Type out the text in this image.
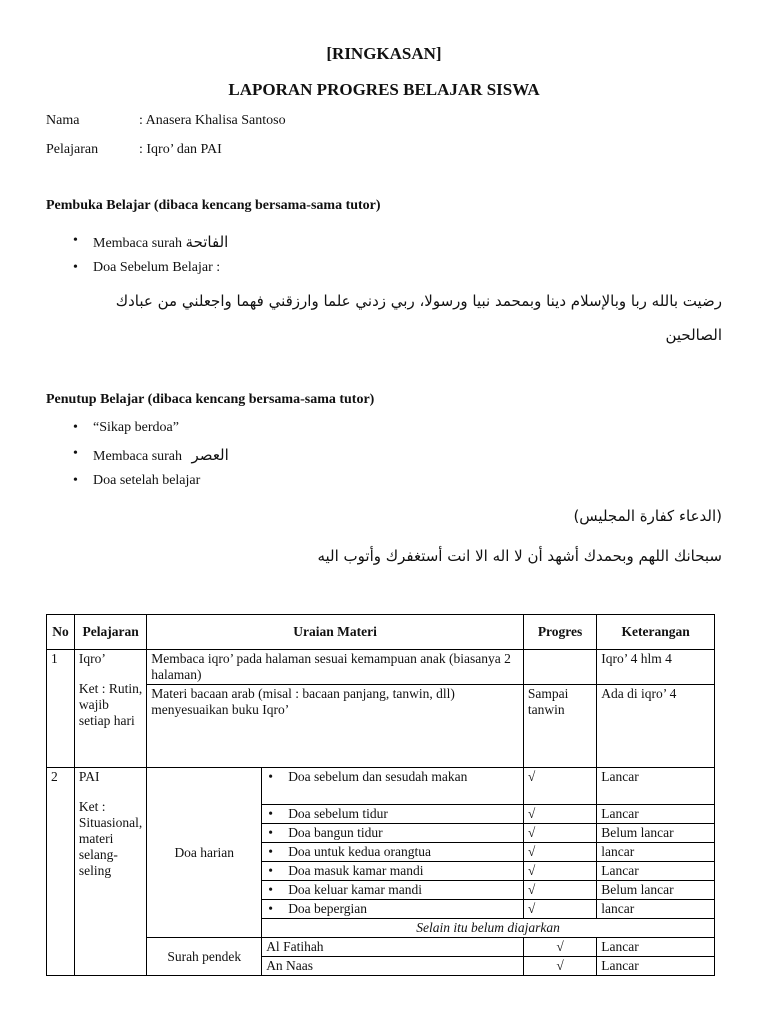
[RINGKASAN]
LAPORAN PROGRES BELAJAR SISWA
Nama	: Anasera Khalisa Santoso
Pelajaran	: Iqro’ dan PAI
Pembuka Belajar (dibaca kencang bersama-sama tutor)
• Membaca surah الفاتحة
• Doa Sebelum Belajar :
رضيت بالله ربا وبالإسلام دينا وبمحمد نبيا ورسولا، ربي زدني علما وارزقني فهما واجعلني من عبادك
الصالحين
Penutup Belajar (dibaca kencang bersama-sama tutor)
• “Sikap berdoa”
• Membaca surah العصر
• Doa setelah belajar
(الدعاء كفارة المجليس)
سبحانك اللهم وبحمدك أشهد أن لا اله الا انت أستغفرك وأتوب اليه
No	Pelajaran	Uraian Materi		Progres	Keterangan
1	Iqro’
Ket : Rutin, wajib setiap hari	Membaca iqro’ pada halaman sesuai kemampuan anak (biasanya 2 halaman)			Iqro’ 4 hlm 4
		Materi bacaan arab (misal : bacaan panjang, tanwin, dll) menyesuaikan buku Iqro’		Sampai tanwin	Ada di iqro’ 4
2	PAI
Ket : Situasional, materi selang-seling	Doa harian	• Doa sebelum dan sesudah makan	√	Lancar
			• Doa sebelum tidur	√	Lancar
			• Doa bangun tidur	√	Belum lancar
			• Doa untuk kedua orangtua	√	lancar
			• Doa masuk kamar mandi	√	Lancar
			• Doa keluar kamar mandi	√	Belum lancar
			• Doa bepergian	√	lancar
			Selain itu belum diajarkan		
		Surah pendek	Al Fatihah	√	Lancar
			An Naas	√	Lancar
